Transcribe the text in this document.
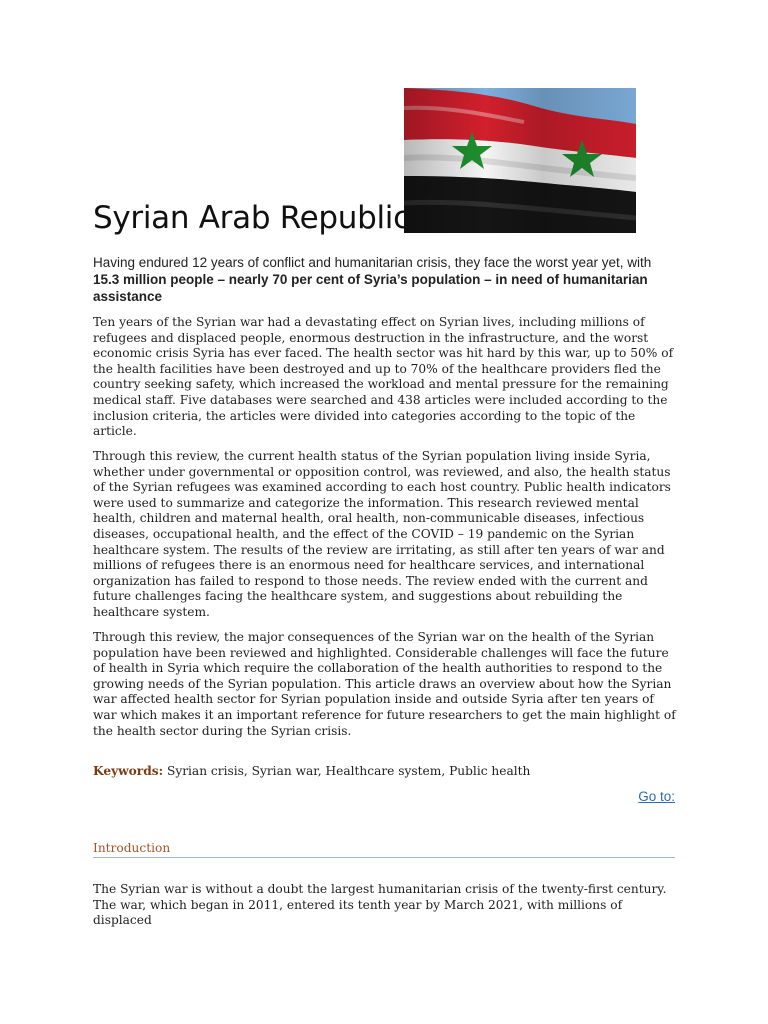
Syrian Arab Republic
Having endured 12 years of conflict and humanitarian crisis, they face the worst year yet, with 15.3 million people – nearly 70 per cent of Syria’s population – in need of humanitarian assistance
Ten years of the Syrian war had a devastating effect on Syrian lives, including millions of refugees and displaced people, enormous destruction in the infrastructure, and the worst economic crisis Syria has ever faced. The health sector was hit hard by this war, up to 50% of the health facilities have been destroyed and up to 70% of the healthcare providers fled the country seeking safety, which increased the workload and mental pressure for the remaining medical staff. Five databases were searched and 438 articles were included according to the inclusion criteria, the articles were divided into categories according to the topic of the article.
Through this review, the current health status of the Syrian population living inside Syria, whether under governmental or opposition control, was reviewed, and also, the health status of the Syrian refugees was examined according to each host country. Public health indicators were used to summarize and categorize the information. This research reviewed mental health, children and maternal health, oral health, non-communicable diseases, infectious diseases, occupational health, and the effect of the COVID – 19 pandemic on the Syrian healthcare system. The results of the review are irritating, as still after ten years of war and millions of refugees there is an enormous need for healthcare services, and international organization has failed to respond to those needs. The review ended with the current and future challenges facing the healthcare system, and suggestions about rebuilding the healthcare system.
Through this review, the major consequences of the Syrian war on the health of the Syrian population have been reviewed and highlighted. Considerable challenges will face the future of health in Syria which require the collaboration of the health authorities to respond to the growing needs of the Syrian population. This article draws an overview about how the Syrian war affected health sector for Syrian population inside and outside Syria after ten years of war which makes it an important reference for future researchers to get the main highlight of the health sector during the Syrian crisis.
Keywords: Syrian crisis, Syrian war, Healthcare system, Public health
Go to:
Introduction
The Syrian war is without a doubt the largest humanitarian crisis of the twenty-first century. The war, which began in 2011, entered its tenth year by March 2021, with millions of displaced
